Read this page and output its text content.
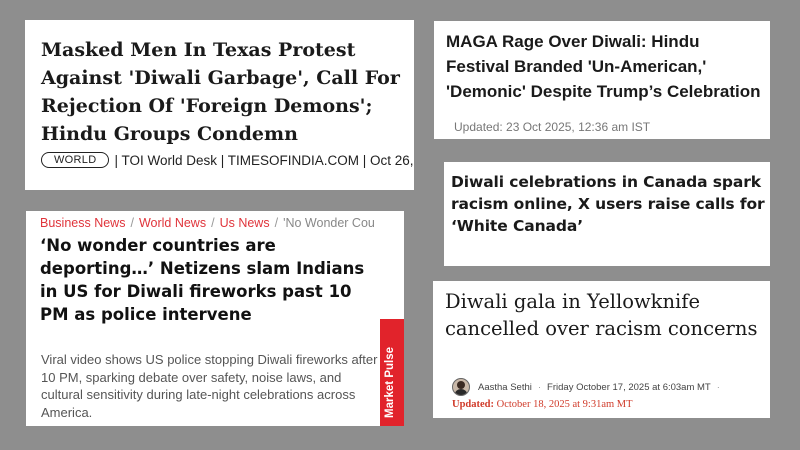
Masked Men In Texas Protest Against 'Diwali Garbage', Call For Rejection Of 'Foreign Demons'; Hindu Groups Condemn
WORLD	| TOI World Desk | TIMESOFINDIA.COM | Oct 26,
MAGA Rage Over Diwali: Hindu Festival Branded 'Un-American,' 'Demonic' Despite Trump’s Celebration
Updated: 23 Oct 2025, 12:36 am IST
Diwali celebrations in Canada spark racism online, X users raise calls for ‘White Canada’
Business News / World News / Us News / 'No Wonder Cou
‘No wonder countries are deporting…’ Netizens slam Indians in US for Diwali fireworks past 10 PM as police intervene

Viral video shows US police stopping Diwali fireworks after 10 PM, sparking debate over safety, noise laws, and cultural sensitivity during late-night celebrations across America.	Market Pulse
Diwali gala in Yellowknife cancelled over racism concerns
Aastha Sethi · Friday October 17, 2025 at 6:03am MT ·
Updated: October 18, 2025 at 9:31am MT
